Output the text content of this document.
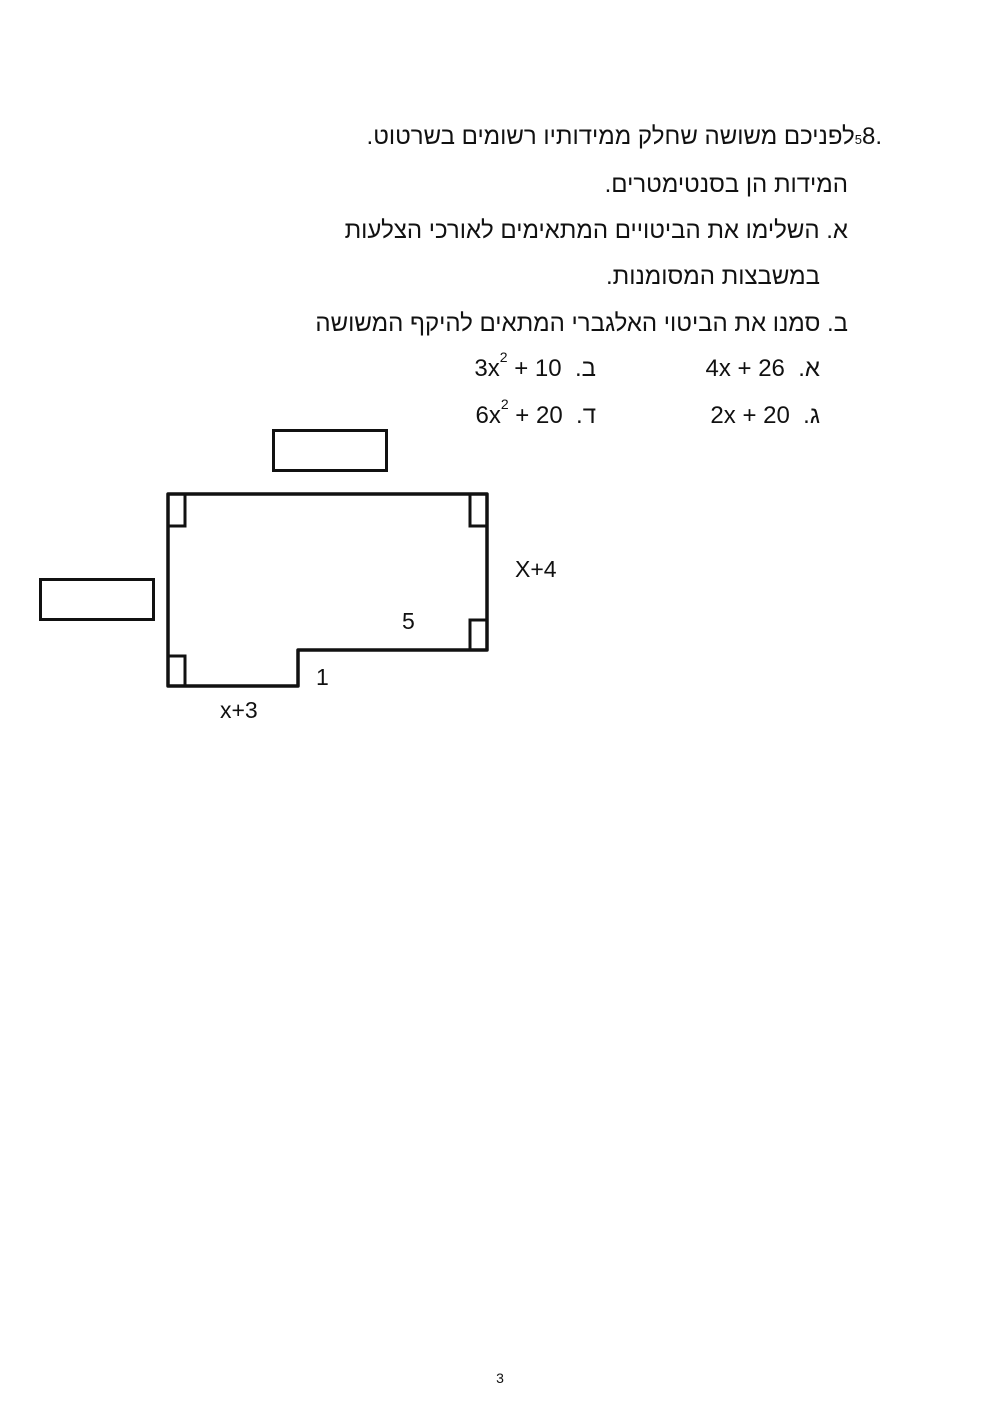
8.5לפניכם משושה שחלק ממידותיו רשומים בשרטוט.
המידות הן בסנטימטרים.
א. השלימו את הביטויים המתאימים לאורכי הצלעות
במשבצות המסומנות.
ב. סמנו את הביטוי האלגברי המתאים להיקף המשושה
4x + 26 א.
$3x^2 + 10$ ב.
2x + 20 ג.
$6x^2 + 20$ ד.
X+4
5
1
x+3
3
